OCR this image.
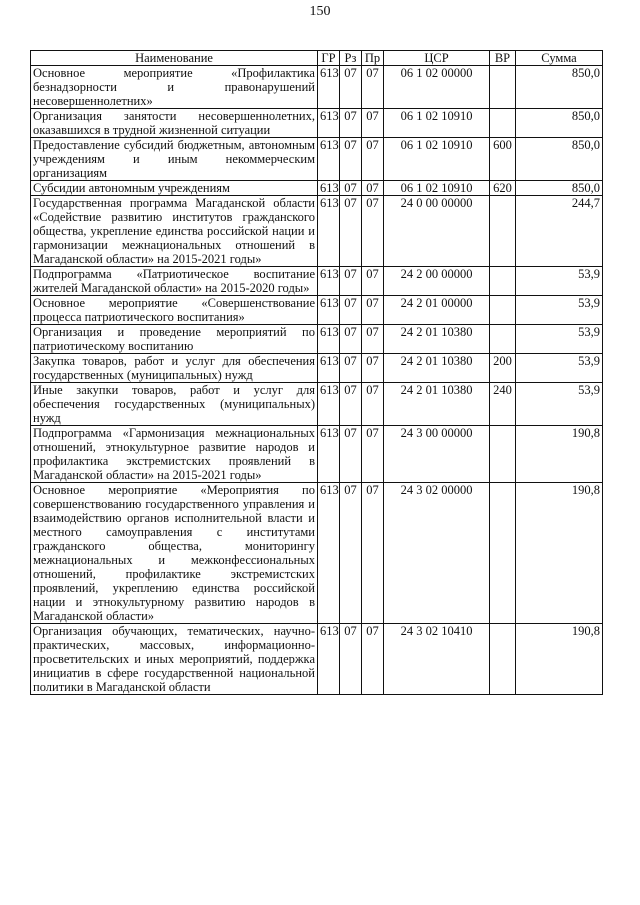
150
Наименование	ГР	Рз	Пр	ЦСР	ВР	Сумма
Основное мероприятие «Профилактика безнадзорности и правонарушений несовершеннолетних»	613	07	07	06 1 02 00000		850,0
Организация занятости несовершеннолетних, оказавшихся в трудной жизненной ситуации	613	07	07	06 1 02 10910		850,0
Предоставление субсидий бюджетным, автономным учреждениям и иным некоммерческим организациям	613	07	07	06 1 02 10910	600	850,0
Субсидии автономным учреждениям	613	07	07	06 1 02 10910	620	850,0
Государственная программа Магаданской области «Содействие развитию институтов гражданского общества, укрепление единства российской нации и гармонизации межнациональных отношений в Магаданской области» на 2015-2021 годы»	613	07	07	24 0 00 00000		244,7
Подпрограмма «Патриотическое воспитание жителей Магаданской области» на 2015-2020 годы»	613	07	07	24 2 00 00000		53,9
Основное мероприятие «Совершенствование процесса патриотического воспитания»	613	07	07	24 2 01 00000		53,9
Организация и проведение мероприятий по патриотическому воспитанию	613	07	07	24 2 01 10380		53,9
Закупка товаров, работ и услуг для обеспечения государственных (муниципальных) нужд	613	07	07	24 2 01 10380	200	53,9
Иные закупки товаров, работ и услуг для обеспечения государственных (муниципальных) нужд	613	07	07	24 2 01 10380	240	53,9
Подпрограмма «Гармонизация межнациональных отношений, этнокультурное развитие народов и профилактика экстремистских проявлений в Магаданской области» на 2015-2021 годы»	613	07	07	24 3 00 00000		190,8
Основное мероприятие «Мероприятия по совершенствованию государственного управления и взаимодействию органов исполнительной власти и местного самоуправления с институтами гражданского общества, мониторингу межнациональных и межконфессиональных отношений, профилактике экстремистских проявлений, укреплению единства российской нации и этнокультурному развитию народов в Магаданской области»	613	07	07	24 3 02 00000		190,8
Организация обучающих, тематических, научно-практических, массовых, информационно-просветительских и иных мероприятий, поддержка инициатив в сфере государственной национальной политики в Магаданской области	613	07	07	24 3 02 10410		190,8
